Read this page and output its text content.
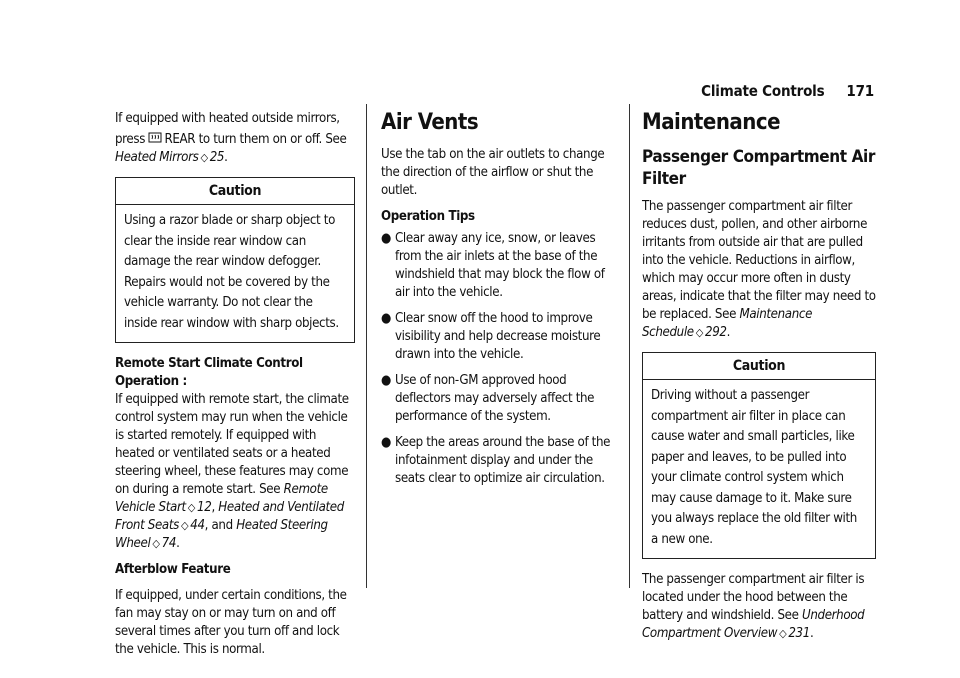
Climate Controls 171

If equipped with heated outside mirrors,

press REAR to turn them on or off. See
Heated Mirrors ◇ 25.

Caution
Using a razor blade or sharp object to clear the inside rear window can damage the rear window defogger. Repairs would not be covered by the vehicle warranty. Do not clear the inside rear window with sharp objects.
Remote Start Climate Control Operation :

If equipped with remote start, the climate control system may run when the vehicle is started remotely. If equipped with heated or ventilated seats or a heated steering wheel, these features may come on during a remote start. See Remote Vehicle Start ◇ 12, Heated and Ventilated Front Seats ◇ 44, and Heated Steering Wheel ◇ 74.

Afterblow Feature

If equipped, under certain conditions, the fan may stay on or may turn on and off several times after you turn off and lock the vehicle. This is normal.

Air Vents

Use the tab on the air outlets to change the direction of the airflow or shut the outlet.

Operation Tips

● Clear away any ice, snow, or leaves from the air inlets at the base of the windshield that may block the flow of air into the vehicle.
● Clear snow off the hood to improve visibility and help decrease moisture drawn into the vehicle.
● Use of non-GM approved hood deflectors may adversely affect the performance of the system.
● Keep the areas around the base of the infotainment display and under the seats clear to optimize air circulation.
Maintenance
Passenger Compartment Air Filter

The passenger compartment air filter reduces dust, pollen, and other airborne irritants from outside air that are pulled into the vehicle. Reductions in airflow, which may occur more often in dusty areas, indicate that the filter may need to be replaced. See Maintenance Schedule ◇ 292.

Caution
Driving without a passenger compartment air filter in place can cause water and small particles, like paper and leaves, to be pulled into your climate control system which may cause damage to it. Make sure you always replace the old filter with a new one.

The passenger compartment air filter is located under the hood between the battery and windshield. See Underhood Compartment Overview ◇ 231.
